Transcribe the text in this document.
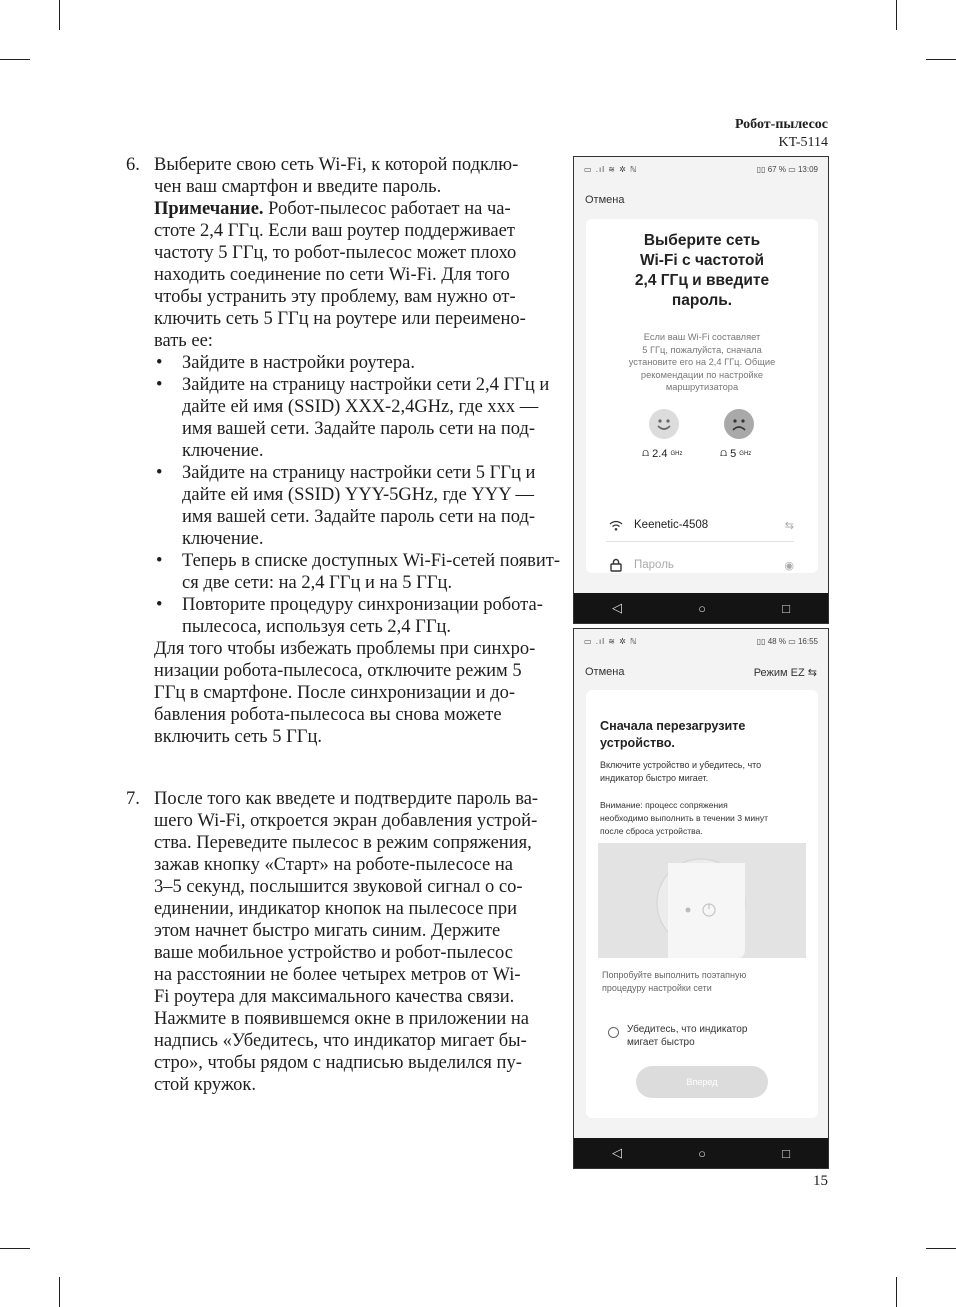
Робот-пылесос
KT-5114
6. Выберите свою сеть Wi-Fi, к которой подклю-

чен ваш смартфон и введите пароль.

Примечание. Робот-пылесос работает на ча-

стоте 2,4 ГГц. Если ваш роутер поддерживает

частоту 5 ГГц, то робот-пылесос может плохо

находить соединение по сети Wi-Fi. Для того

чтобы устранить эту проблему, вам нужно от-

ключить сеть 5 ГГц на роутере или переимено-

вать ее:

• Зайдите в настройки роутера.
• Зайдите на страницу настройки сети 2,4 ГГц и
дайте ей имя (SSID) XXX-2,4GHz, где xxx —
имя вашей сети. Задайте пароль сети на под-
ключение.
• Зайдите на страницу настройки сети 5 ГГц и
дайте ей имя (SSID) YYY-5GHz, где YYY —
имя вашей сети. Задайте пароль сети на под-
ключение.
• Теперь в списке доступных Wi-Fi-сетей появит-
ся две сети: на 2,4 ГГц и на 5 ГГц.
• Повторите процедуру синхронизации робота-
пылесоса, используя сеть 2,4 ГГц.

Для того чтобы избежать проблемы при синхро-

низации робота-пылесоса, отключите режим 5

ГГц в смартфоне. После синхронизации и до-

бавления робота-пылесоса вы снова можете

включить сеть 5 ГГц.

7. После того как введете и подтвердите пароль ва-

шего Wi-Fi, откроется экран добавления устрой-

ства. Переведите пылесос в режим сопряжения,

зажав кнопку «Старт» на роботе-пылесосе на

3–5 секунд, послышится звуковой сигнал о со-

единении, индикатор кнопок на пылесосе при

этом начнет быстро мигать синим. Держите

ваше мобильное устройство и робот-пылесос

на расстоянии не более четырех метров от Wi-

Fi роутера для максимального качества связи.

Нажмите в появившемся окне в приложении на

надпись «Убедитесь, что индикатор мигает бы-

стро», чтобы рядом с надписью выделился пу-

стой кружок.

▭ .ıl ≋ ✲ ℕ	▯▯ 67 % ▭ 13:09
Отмена
Выберите сеть
Wi-Fi с частотой
2,4 ГГц и введите
пароль.
Если ваш Wi-Fi составляет
5 ГГц, пожалуйста, сначала
установите его на 2,4 ГГц. Общие
рекомендации по настройке
маршрутизатора
⩍ 2.4 GHz	⩍ 5 GHz
Keenetic-4508	⇆
Пароль	◉
◁	○	□
▭ .ıl ≋ ✲ ℕ	▯▯ 48 % ▭ 16:55
Отмена	Режим EZ ⇆
Сначала перезагрузите
устройство.
Включите устройство и убедитесь, что
индикатор быстро мигает.
Внимание: процесс сопряжения
необходимо выполнить в течении 3 минут
после сброса устройства.
Попробуйте выполнить поэтапную
процедуру настройки сети
Убедитесь, что индикатор
мигает быстро
Вперед
◁	○	□
15
